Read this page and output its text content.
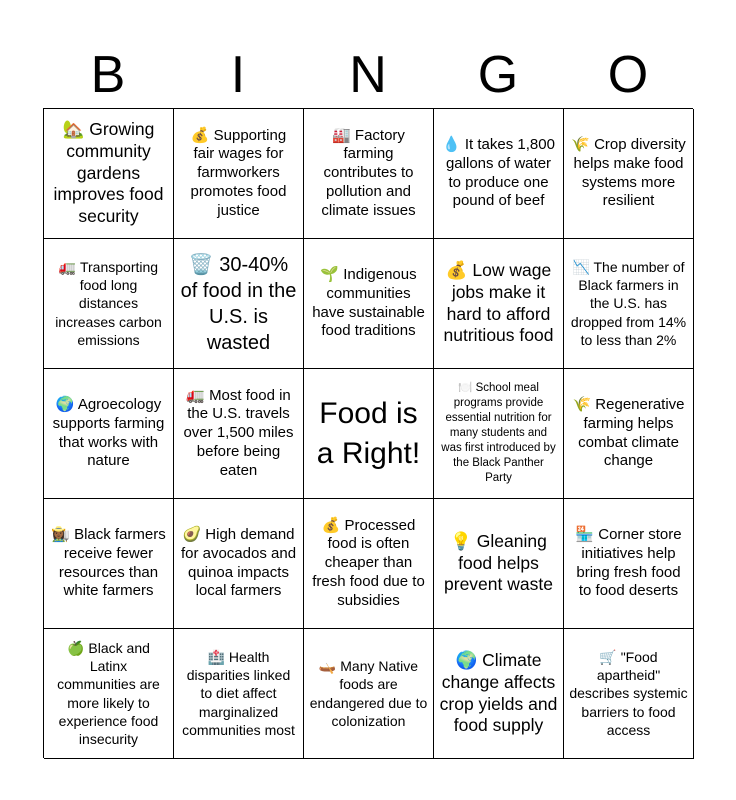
B	I	N	G	O
🏡 Growing community gardens improves food security
💰 Supporting fair wages for farmworkers promotes food justice
🏭 Factory farming contributes to pollution and climate issues
💧 It takes 1,800 gallons of water to produce one pound of beef
🌾 Crop diversity helps make food systems more resilient
🚛 Transporting food long distances increases carbon emissions
🗑️ 30-40% of food in the U.S. is wasted
🌱 Indigenous communities have sustainable food traditions
💰 Low wage jobs make it hard to afford nutritious food
📉 The number of Black farmers in the U.S. has dropped from 14% to less than 2%
🌍 Agroecology supports farming that works with nature
🚛 Most food in the U.S. travels over 1,500 miles before being eaten
Food is a Right!
🍽️ School meal programs provide essential nutrition for many students and was first introduced by the Black Panther Party
🌾 Regenerative farming helps combat climate change
👩🏾‍🌾 Black farmers receive fewer resources than white farmers
🥑 High demand for avocados and quinoa impacts local farmers
💰 Processed food is often cheaper than fresh food due to subsidies
💡 Gleaning food helps prevent waste
🏪 Corner store initiatives help bring fresh food to food deserts
🍏 Black and Latinx communities are more likely to experience food insecurity
🏥 Health disparities linked to diet affect marginalized communities most
🛶 Many Native foods are endangered due to colonization
🌍 Climate change affects crop yields and food supply
🛒 "Food apartheid" describes systemic barriers to food access
